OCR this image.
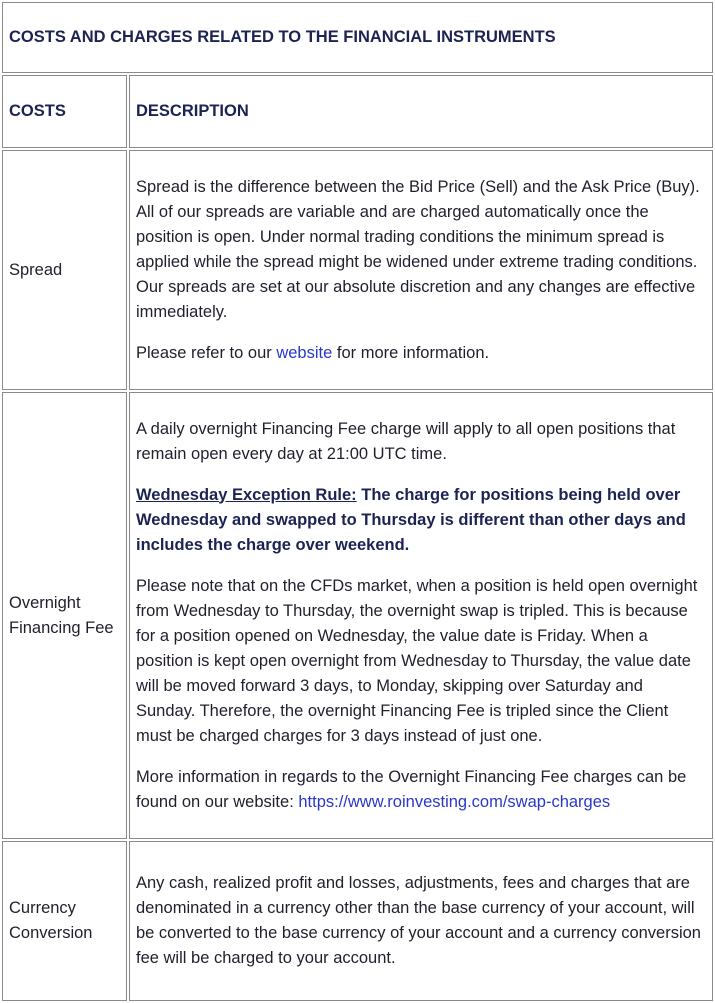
COSTS AND CHARGES RELATED TO THE FINANCIAL INSTRUMENTS	
COSTS	DESCRIPTION
Spread	Spread is the difference between the Bid Price (Sell) and the Ask Price (Buy). All of our spreads are variable and are charged automatically once the position is open. Under normal trading conditions the minimum spread is applied while the spread might be widened under extreme trading conditions. Our spreads are set at our absolute discretion and any changes are effective immediately.

Please refer to our website for more information.

Overnight Financing Fee	A daily overnight Financing Fee charge will apply to all open positions that remain open every day at 21:00 UTC time.

Wednesday Exception Rule: The charge for positions being held over Wednesday and swapped to Thursday is different than other days and includes the charge over weekend.

Please note that on the CFDs market, when a position is held open overnight from Wednesday to Thursday, the overnight swap is tripled. This is because for a position opened on Wednesday, the value date is Friday. When a position is kept open overnight from Wednesday to Thursday, the value date will be moved forward 3 days, to Monday, skipping over Saturday and Sunday. Therefore, the overnight Financing Fee is tripled since the Client must be charged charges for 3 days instead of just one.

More information in regards to the Overnight Financing Fee charges can be found on our website: https://www.roinvesting.com/swap-charges

Currency Conversion	Any cash, realized profit and losses, adjustments, fees and charges that are denominated in a currency other than the base currency of your account, will be converted to the base currency of your account and a currency conversion fee will be charged to your account.
